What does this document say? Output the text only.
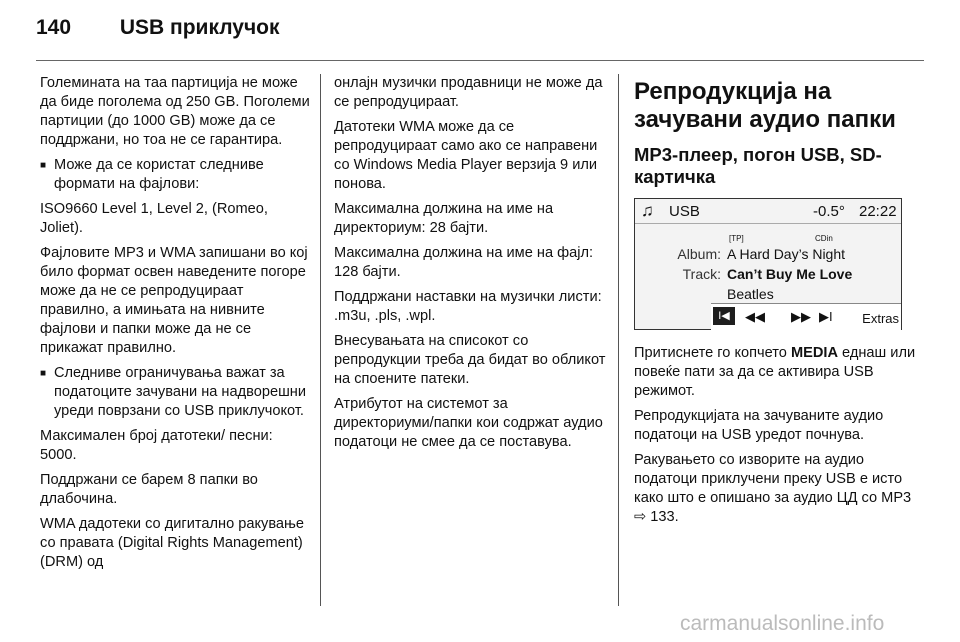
140 USB приклучок

Големината на таа партиција не може да биде поголема од 250 GB. Поголеми партиции (до 1000 GB) може да се поддржани, но тоа не се гарантира.

■ Може да се користат следниве формати на фајлови:

ISO9660 Level 1, Level 2, (Romeo, Joliet).

Фајловите MP3 и WMA запишани во кој било формат освен наведените погоре може да не се репродуцираат правилно, а имињата на нивните фајлови и папки може да не се прикажат правилно.

■ Следниве ограничувања важат за податоците зачувани на надворешни уреди поврзани со USB приклучокот.

Максимален број датотеки/ песни: 5000.

Поддржани се барем 8 папки во длабочина.

WMA дадотеки со дигитално ракување со правата (Digital Rights Management) (DRM) од

онлајн музички продавници не може да се репродуцираат.

Датотеки WMA може да се репродуцираат само ако се направени со Windows Media Player верзија 9 или понова.

Максимална должина на име на директориум: 28 бајти.

Максимална должина на име на фајл: 128 бајти.

Поддржани наставки на музички листи: .m3u, .pls, .wpl.

Внесувањата на списокот со репродукции треба да бидат во обликот на споените патеки.

Атрибутот на системот за директориуми/папки кои содржат аудио податоци не смее да се поставува.

Репродукција на зачувани аудио папки
MP3-плеер, погон USB, SD-картичка
♫ USB	-0.5° 22:22
[TP]	CDin
Album: A Hard Day’s Night
Track: Can’t Buy Me Love
Beatles
I◀	◀◀ ▶▶ ▶I Extras

Притиснете го копчето MEDIA еднаш или повеќе пати за да се активира USB режимот.

Репродукцијата на зачуваните аудио податоци на USB уредот почнува.

Ракувањето со изворите на аудио податоци приклучени преку USB е исто како што е опишано за аудио ЦД со MP3 ⇨ 133.

carmanualsonline.info
